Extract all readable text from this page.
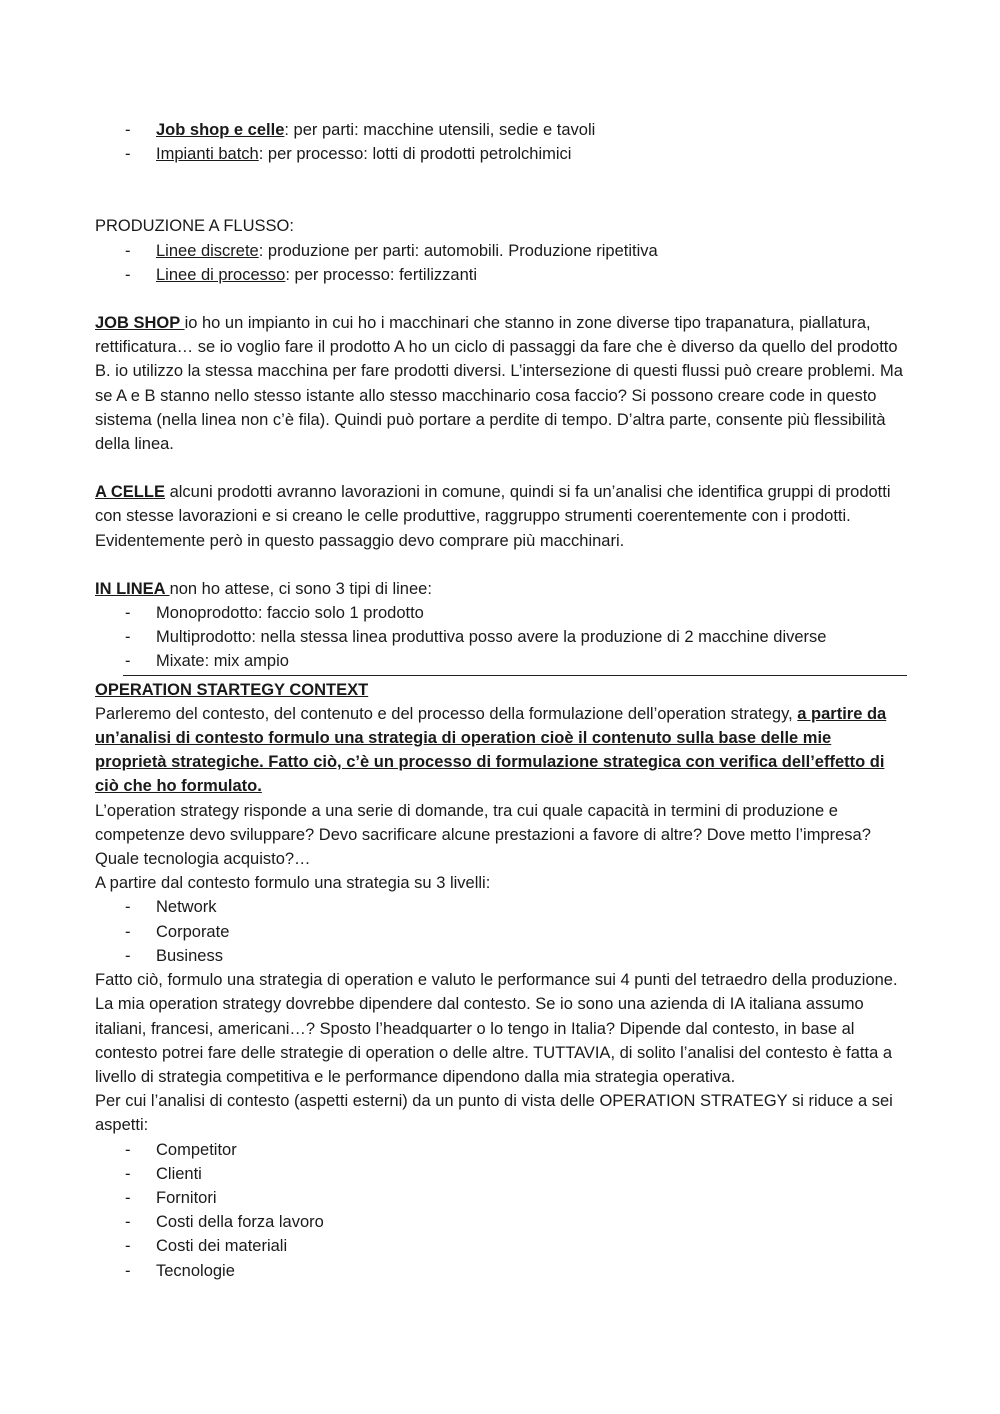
- Job shop e celle: per parti: macchine utensili, sedie e tavoli
- Impianti batch: per processo: lotti di prodotti petrolchimici

PRODUZIONE A FLUSSO:

- Linee discrete: produzione per parti: automobili. Produzione ripetitiva
- Linee di processo: per processo: fertilizzanti

JOB SHOP io ho un impianto in cui ho i macchinari che stanno in zone diverse tipo trapanatura, piallatura, rettificatura… se io voglio fare il prodotto A ho un ciclo di passaggi da fare che è diverso da quello del prodotto B. io utilizzo la stessa macchina per fare prodotti diversi. L’intersezione di questi flussi può creare problemi. Ma se A e B stanno nello stesso istante allo stesso macchinario cosa faccio? Si possono creare code in questo sistema (nella linea non c’è fila). Quindi può portare a perdite di tempo. D’altra parte, consente più flessibilità della linea.

A CELLE alcuni prodotti avranno lavorazioni in comune, quindi si fa un’analisi che identifica gruppi di prodotti con stesse lavorazioni e si creano le celle produttive, raggruppo strumenti coerentemente con i prodotti. Evidentemente però in questo passaggio devo comprare più macchinari.

IN LINEA non ho attese, ci sono 3 tipi di linee:

- Monoprodotto: faccio solo 1 prodotto
- Multiprodotto: nella stessa linea produttiva posso avere la produzione di 2 macchine diverse
- Mixate: mix ampio

OPERATION STARTEGY CONTEXT

Parleremo del contesto, del contenuto e del processo della formulazione dell’operation strategy, a partire da un’analisi di contesto formulo una strategia di operation cioè il contenuto sulla base delle mie proprietà strategiche. Fatto ciò, c’è un processo di formulazione strategica con verifica dell’effetto di ciò che ho formulato.

L’operation strategy risponde a una serie di domande, tra cui quale capacità in termini di produzione e competenze devo sviluppare? Devo sacrificare alcune prestazioni a favore di altre? Dove metto l’impresa? Quale tecnologia acquisto?…

A partire dal contesto formulo una strategia su 3 livelli:

- Network
- Corporate
- Business

Fatto ciò, formulo una strategia di operation e valuto le performance sui 4 punti del tetraedro della produzione.

La mia operation strategy dovrebbe dipendere dal contesto. Se io sono una azienda di IA italiana assumo italiani, francesi, americani…? Sposto l’headquarter o lo tengo in Italia? Dipende dal contesto, in base al contesto potrei fare delle strategie di operation o delle altre. TUTTAVIA, di solito l’analisi del contesto è fatta a livello di strategia competitiva e le performance dipendono dalla mia strategia operativa.

Per cui l’analisi di contesto (aspetti esterni) da un punto di vista delle OPERATION STRATEGY si riduce a sei aspetti:

- Competitor
- Clienti
- Fornitori
- Costi della forza lavoro
- Costi dei materiali
- Tecnologie
